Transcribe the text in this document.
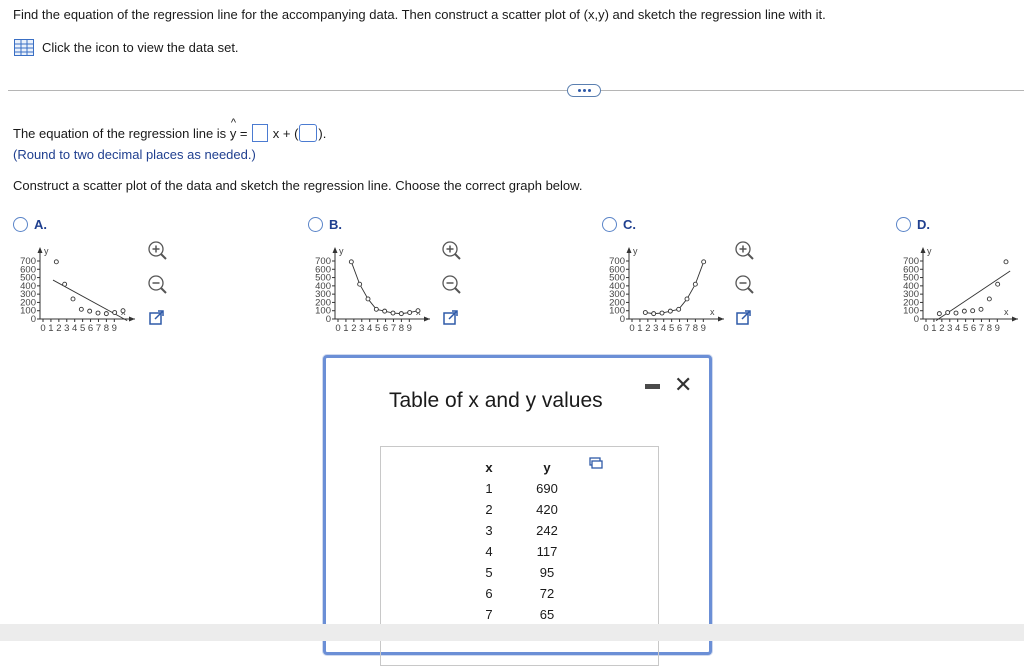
Find the equation of the regression line for the accompanying data. Then construct a scatter plot of (x,y) and sketch the regression line with it.
Click the icon to view the data set.
The equation of the regression line is ^ y = x + ( ).
(Round to two decimal places as needed.)
Construct a scatter plot of the data and sketch the regression line. Choose the correct graph below.
A.
700
600
500
400
300
200
100
0
0 1 2 3 4 5 6 7 8 9
y
B.
700
600
500
400
300
200
100
0
0 1 2 3 4 5 6 7 8 9
y
C.
700
600
500
400
300
200
100
0
0 1 2 3 4 5 6 7 8 9
y
x
D.
700
600
500
400
300
200
100
0
0 1 2 3 4 5 6 7 8 9
y
x
Table of x and y values
✕
x		y
1		690
2		420
3		242
4		117
5		95
6		72
7		65
